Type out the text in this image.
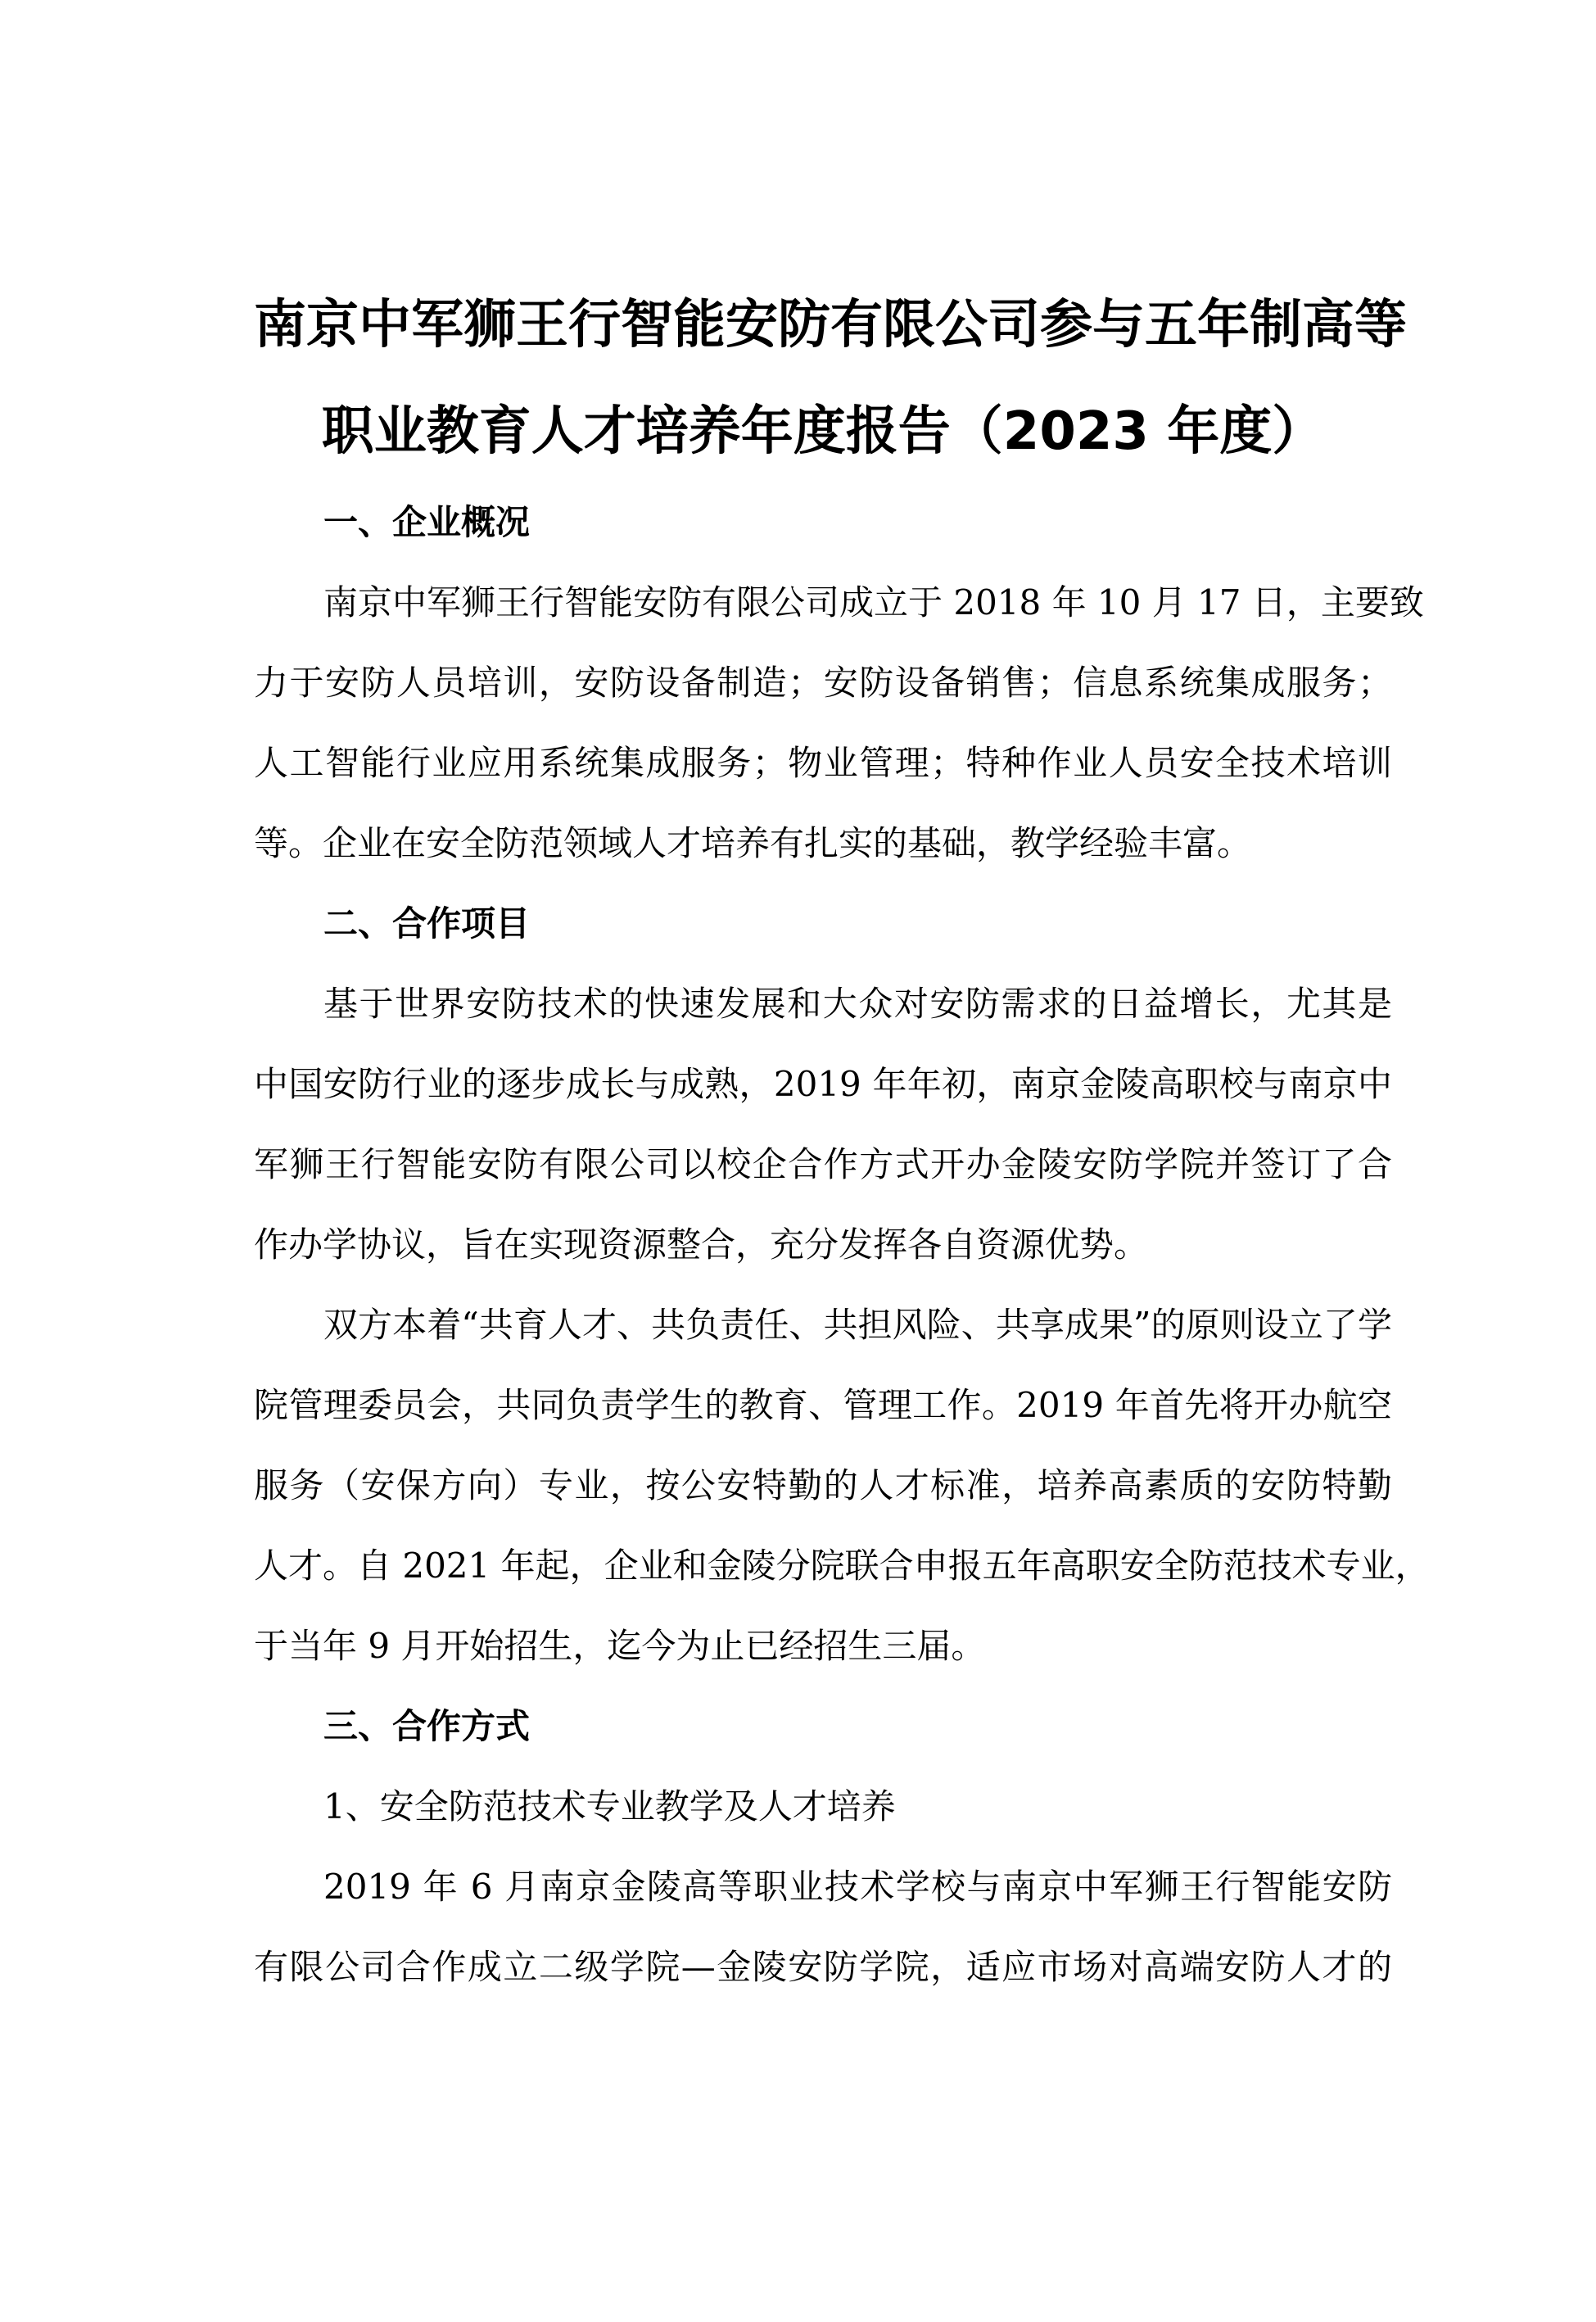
南京中军狮王行智能安防有限公司参与五年制高等
职业教育人才培养年度报告（2023 年度）
一、企业概况
南京中军狮王行智能安防有限公司成立于 2018 年 10 月 17 日，主要致
力于安防人员培训，安防设备制造；安防设备销售；信息系统集成服务；
人工智能行业应用系统集成服务；物业管理；特种作业人员安全技术培训
等。企业在安全防范领域人才培养有扎实的基础，教学经验丰富。
二、合作项目
基于世界安防技术的快速发展和大众对安防需求的日益增长，尤其是
中国安防行业的逐步成长与成熟，2019 年年初，南京金陵高职校与南京中
军狮王行智能安防有限公司以校企合作方式开办金陵安防学院并签订了合
作办学协议，旨在实现资源整合，充分发挥各自资源优势。
双方本着“共育人才、共负责任、共担风险、共享成果”的原则设立了学
院管理委员会，共同负责学生的教育、管理工作。2019 年首先将开办航空
服务（安保方向）专业，按公安特勤的人才标准，培养高素质的安防特勤
人才。自 2021 年起，企业和金陵分院联合申报五年高职安全防范技术专业，
于当年 9 月开始招生，迄今为止已经招生三届。
三、合作方式
1、安全防范技术专业教学及人才培养
2019 年 6 月南京金陵高等职业技术学校与南京中军狮王行智能安防
有限公司合作成立二级学院—金陵安防学院，适应市场对高端安防人才的
